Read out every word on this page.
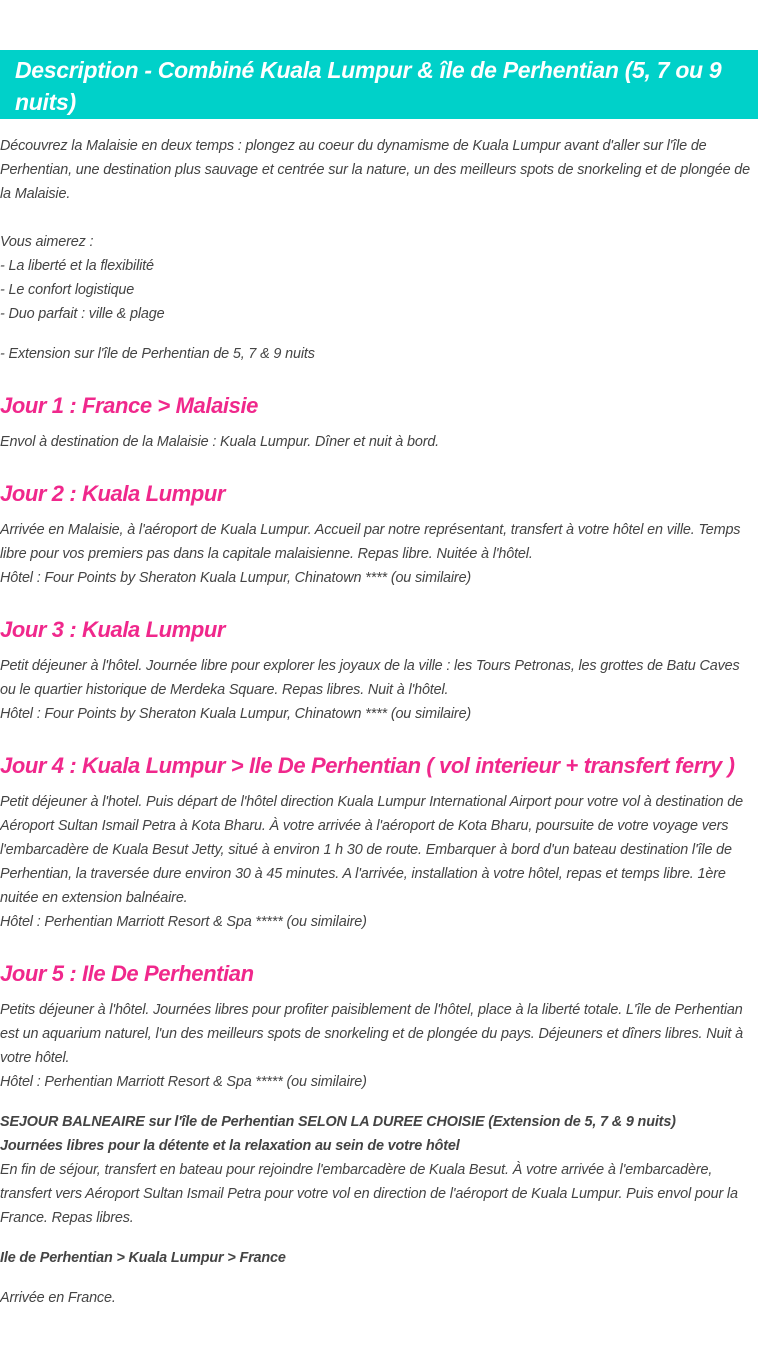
Description - Combiné Kuala Lumpur & île de Perhentian (5, 7 ou 9 nuits)

Découvrez la Malaisie en deux temps : plongez au coeur du dynamisme de Kuala Lumpur avant d'aller sur l'île de Perhentian, une destination plus sauvage et centrée sur la nature, un des meilleurs spots de snorkeling et de plongée de la Malaisie.

Vous aimerez :

- La liberté et la flexibilité

- Le confort logistique

- Duo parfait : ville & plage

- Extension sur l'île de Perhentian de 5, 7 & 9 nuits

Jour 1 : France > Malaisie

Envol à destination de la Malaisie : Kuala Lumpur. Dîner et nuit à bord.

Jour 2 : Kuala Lumpur

Arrivée en Malaisie, à l'aéroport de Kuala Lumpur. Accueil par notre représentant, transfert à votre hôtel en ville. Temps libre pour vos premiers pas dans la capitale malaisienne. Repas libre. Nuitée à l'hôtel.

Hôtel : Four Points by Sheraton Kuala Lumpur, Chinatown **** (ou similaire)

Jour 3 : Kuala Lumpur

Petit déjeuner à l'hôtel. Journée libre pour explorer les joyaux de la ville : les Tours Petronas, les grottes de Batu Caves ou le quartier historique de Merdeka Square. Repas libres. Nuit à l'hôtel.

Hôtel : Four Points by Sheraton Kuala Lumpur, Chinatown **** (ou similaire)

Jour 4 : Kuala Lumpur > Ile De Perhentian ( vol interieur + transfert ferry )

Petit déjeuner à l'hotel. Puis départ de l'hôtel direction Kuala Lumpur International Airport pour votre vol à destination de Aéroport Sultan Ismail Petra à Kota Bharu. À votre arrivée à l'aéroport de Kota Bharu, poursuite de votre voyage vers l'embarcadère de Kuala Besut Jetty, situé à environ 1 h 30 de route. Embarquer à bord d'un bateau destination l'île de Perhentian, la traversée dure environ 30 à 45 minutes. A l'arrivée, installation à votre hôtel, repas et temps libre. 1ère nuitée en extension balnéaire.

Hôtel : Perhentian Marriott Resort & Spa ***** (ou similaire)

Jour 5 : Ile De Perhentian

Petits déjeuner à l'hôtel. Journées libres pour profiter paisiblement de l'hôtel, place à la liberté totale. L'île de Perhentian est un aquarium naturel, l'un des meilleurs spots de snorkeling et de plongée du pays. Déjeuners et dîners libres. Nuit à votre hôtel.

Hôtel : Perhentian Marriott Resort & Spa ***** (ou similaire)

SEJOUR BALNEAIRE sur l'île de Perhentian SELON LA DUREE CHOISIE (Extension de 5, 7 & 9 nuits)

Journées libres pour la détente et la relaxation au sein de votre hôtel

En fin de séjour, transfert en bateau pour rejoindre l'embarcadère de Kuala Besut. À votre arrivée à l'embarcadère, transfert vers Aéroport Sultan Ismail Petra pour votre vol en direction de l'aéroport de Kuala Lumpur. Puis envol pour la France. Repas libres.

Ile de Perhentian > Kuala Lumpur > France

Arrivée en France.
